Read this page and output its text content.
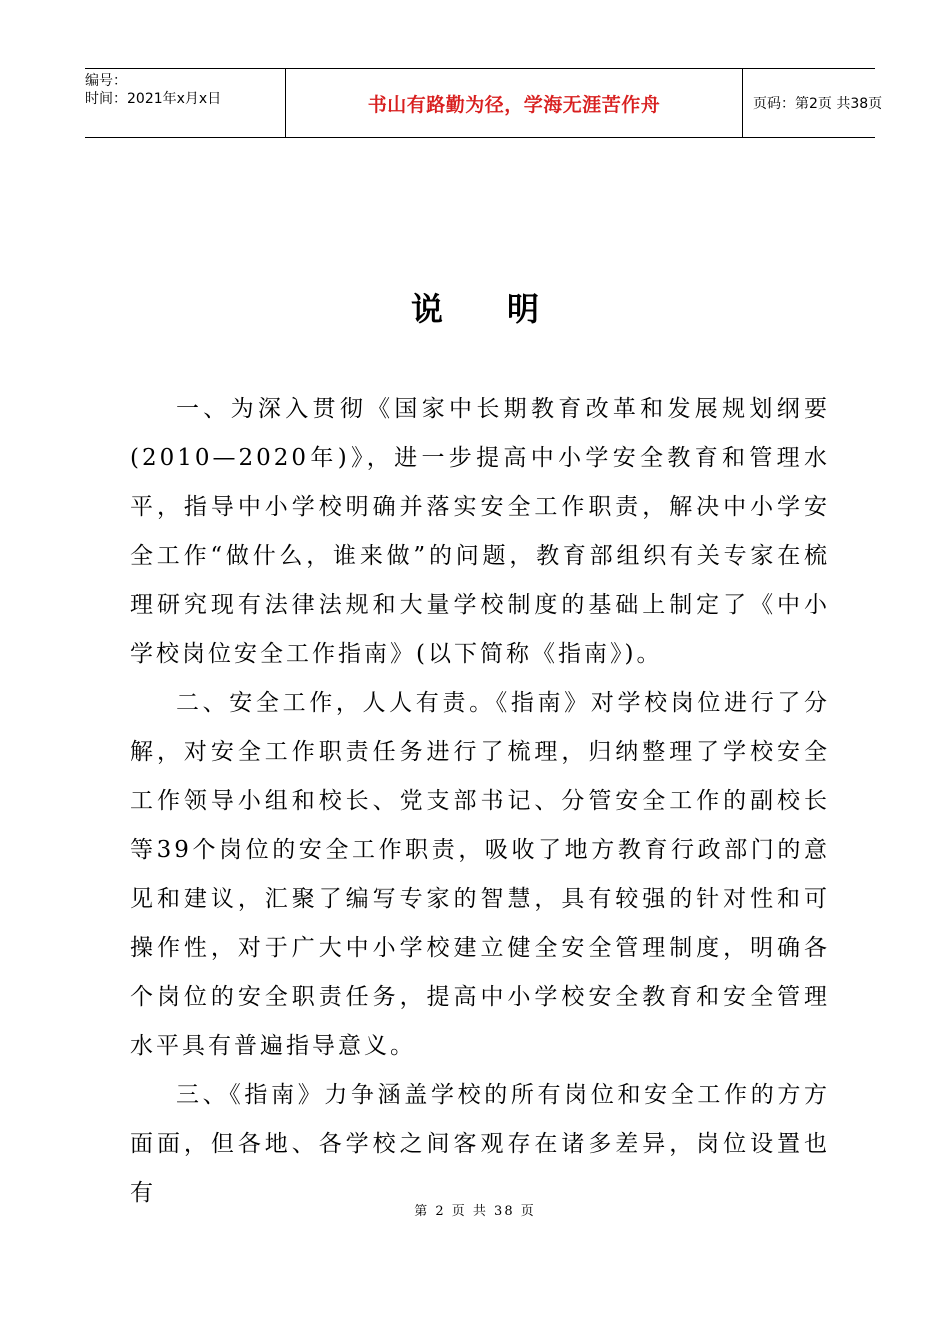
编号：
时间：2021年x月x日	书山有路勤为径，学海无涯苦作舟	页码：第2页 共38页
说 明

一、为深入贯彻《国家中长期教育改革和发展规划纲要(2010—2020年)》，进一步提高中小学安全教育和管理水平，指导中小学校明确并落实安全工作职责，解决中小学安全工作“做什么，谁来做”的问题，教育部组织有关专家在梳理研究现有法律法规和大量学校制度的基础上制定了《中小学校岗位安全工作指南》(以下简称《指南》)。

二、安全工作，人人有责。《指南》对学校岗位进行了分解，对安全工作职责任务进行了梳理，归纳整理了学校安全工作领导小组和校长、党支部书记、分管安全工作的副校长等39个岗位的安全工作职责，吸收了地方教育行政部门的意见和建议，汇聚了编写专家的智慧，具有较强的针对性和可操作性，对于广大中小学校建立健全安全管理制度，明确各个岗位的安全职责任务，提高中小学校安全教育和安全管理水平具有普遍指导意义。

三、《指南》力争涵盖学校的所有岗位和安全工作的方方面面，但各地、各学校之间客观存在诸多差异，岗位设置也有

第 2 页 共 38 页
